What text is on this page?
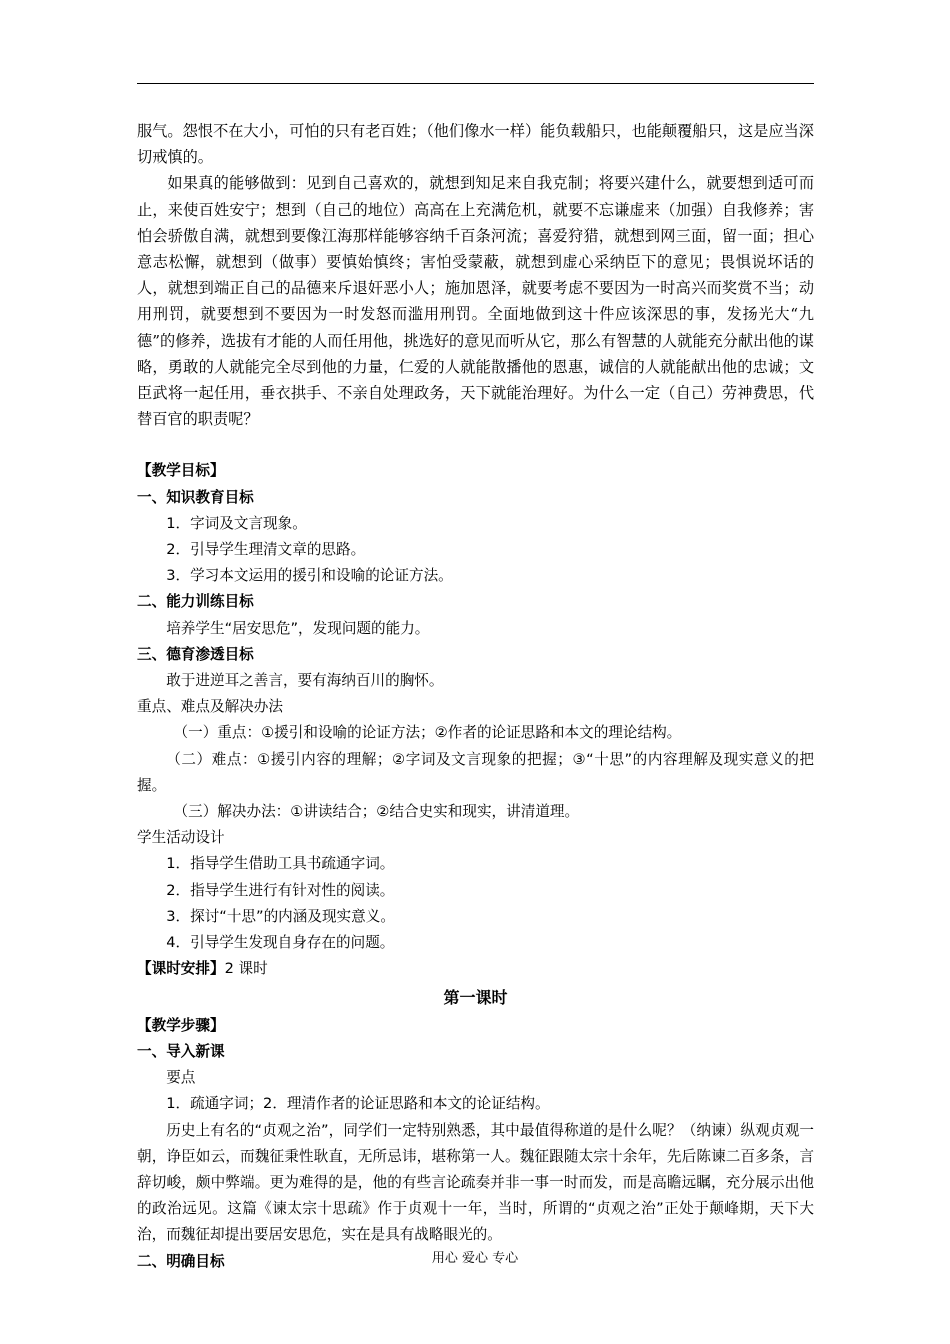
服气。怨恨不在大小，可怕的只有老百姓；（他们像水一样）能负载船只，也能颠覆船只，这是应当深切戒慎的。

如果真的能够做到：见到自己喜欢的，就想到知足来自我克制；将要兴建什么，就要想到适可而止，来使百姓安宁；想到（自己的地位）高高在上充满危机，就要不忘谦虚来（加强）自我修养；害怕会骄傲自满，就想到要像江海那样能够容纳千百条河流；喜爱狩猎，就想到网三面，留一面；担心意志松懈，就想到（做事）要慎始慎终；害怕受蒙蔽，就想到虚心采纳臣下的意见；畏惧说坏话的人，就想到端正自己的品德来斥退奸恶小人；施加恩泽，就要考虑不要因为一时高兴而奖赏不当；动用刑罚，就要想到不要因为一时发怒而滥用刑罚。全面地做到这十件应该深思的事，发扬光大“九德”的修养，选拔有才能的人而任用他，挑选好的意见而听从它，那么有智慧的人就能充分献出他的谋略，勇敢的人就能完全尽到他的力量，仁爱的人就能散播他的恩惠，诚信的人就能献出他的忠诚；文臣武将一起任用，垂衣拱手、不亲自处理政务，天下就能治理好。为什么一定（自己）劳神费思，代替百官的职责呢？

【教学目标】

一、知识教育目标

1．字词及文言现象。

2．引导学生理清文章的思路。

3．学习本文运用的援引和设喻的论证方法。

二、能力训练目标

培养学生“居安思危”，发现问题的能力。

三、德育渗透目标

敢于进逆耳之善言，要有海纳百川的胸怀。

重点、难点及解决办法

（一）重点：①援引和设喻的论证方法；②作者的论证思路和本文的理论结构。

（二）难点：①援引内容的理解；②字词及文言现象的把握；③“十思”的内容理解及现实意义的把握。

（三）解决办法：①讲读结合；②结合史实和现实，讲清道理。

学生活动设计

1．指导学生借助工具书疏通字词。

2．指导学生进行有针对性的阅读。

3．探讨“十思”的内涵及现实意义。

4．引导学生发现自身存在的问题。

【课时安排】2 课时

第一课时

【教学步骤】

一、导入新课

要点

1．疏通字词；2．理清作者的论证思路和本文的论证结构。

历史上有名的“贞观之治”，同学们一定特别熟悉，其中最值得称道的是什么呢？（纳谏）纵观贞观一朝，诤臣如云，而魏征秉性耿直，无所忌讳，堪称第一人。魏征跟随太宗十余年，先后陈谏二百多条，言辞切峻，颇中弊端。更为难得的是，他的有些言论疏奏并非一事一时而发，而是高瞻远瞩，充分展示出他的政治远见。这篇《谏太宗十思疏》作于贞观十一年，当时，所谓的“贞观之治”正处于颠峰期，天下大治，而魏征却提出要居安思危，实在是具有战略眼光的。

二、明确目标	用心 爱心 专心
